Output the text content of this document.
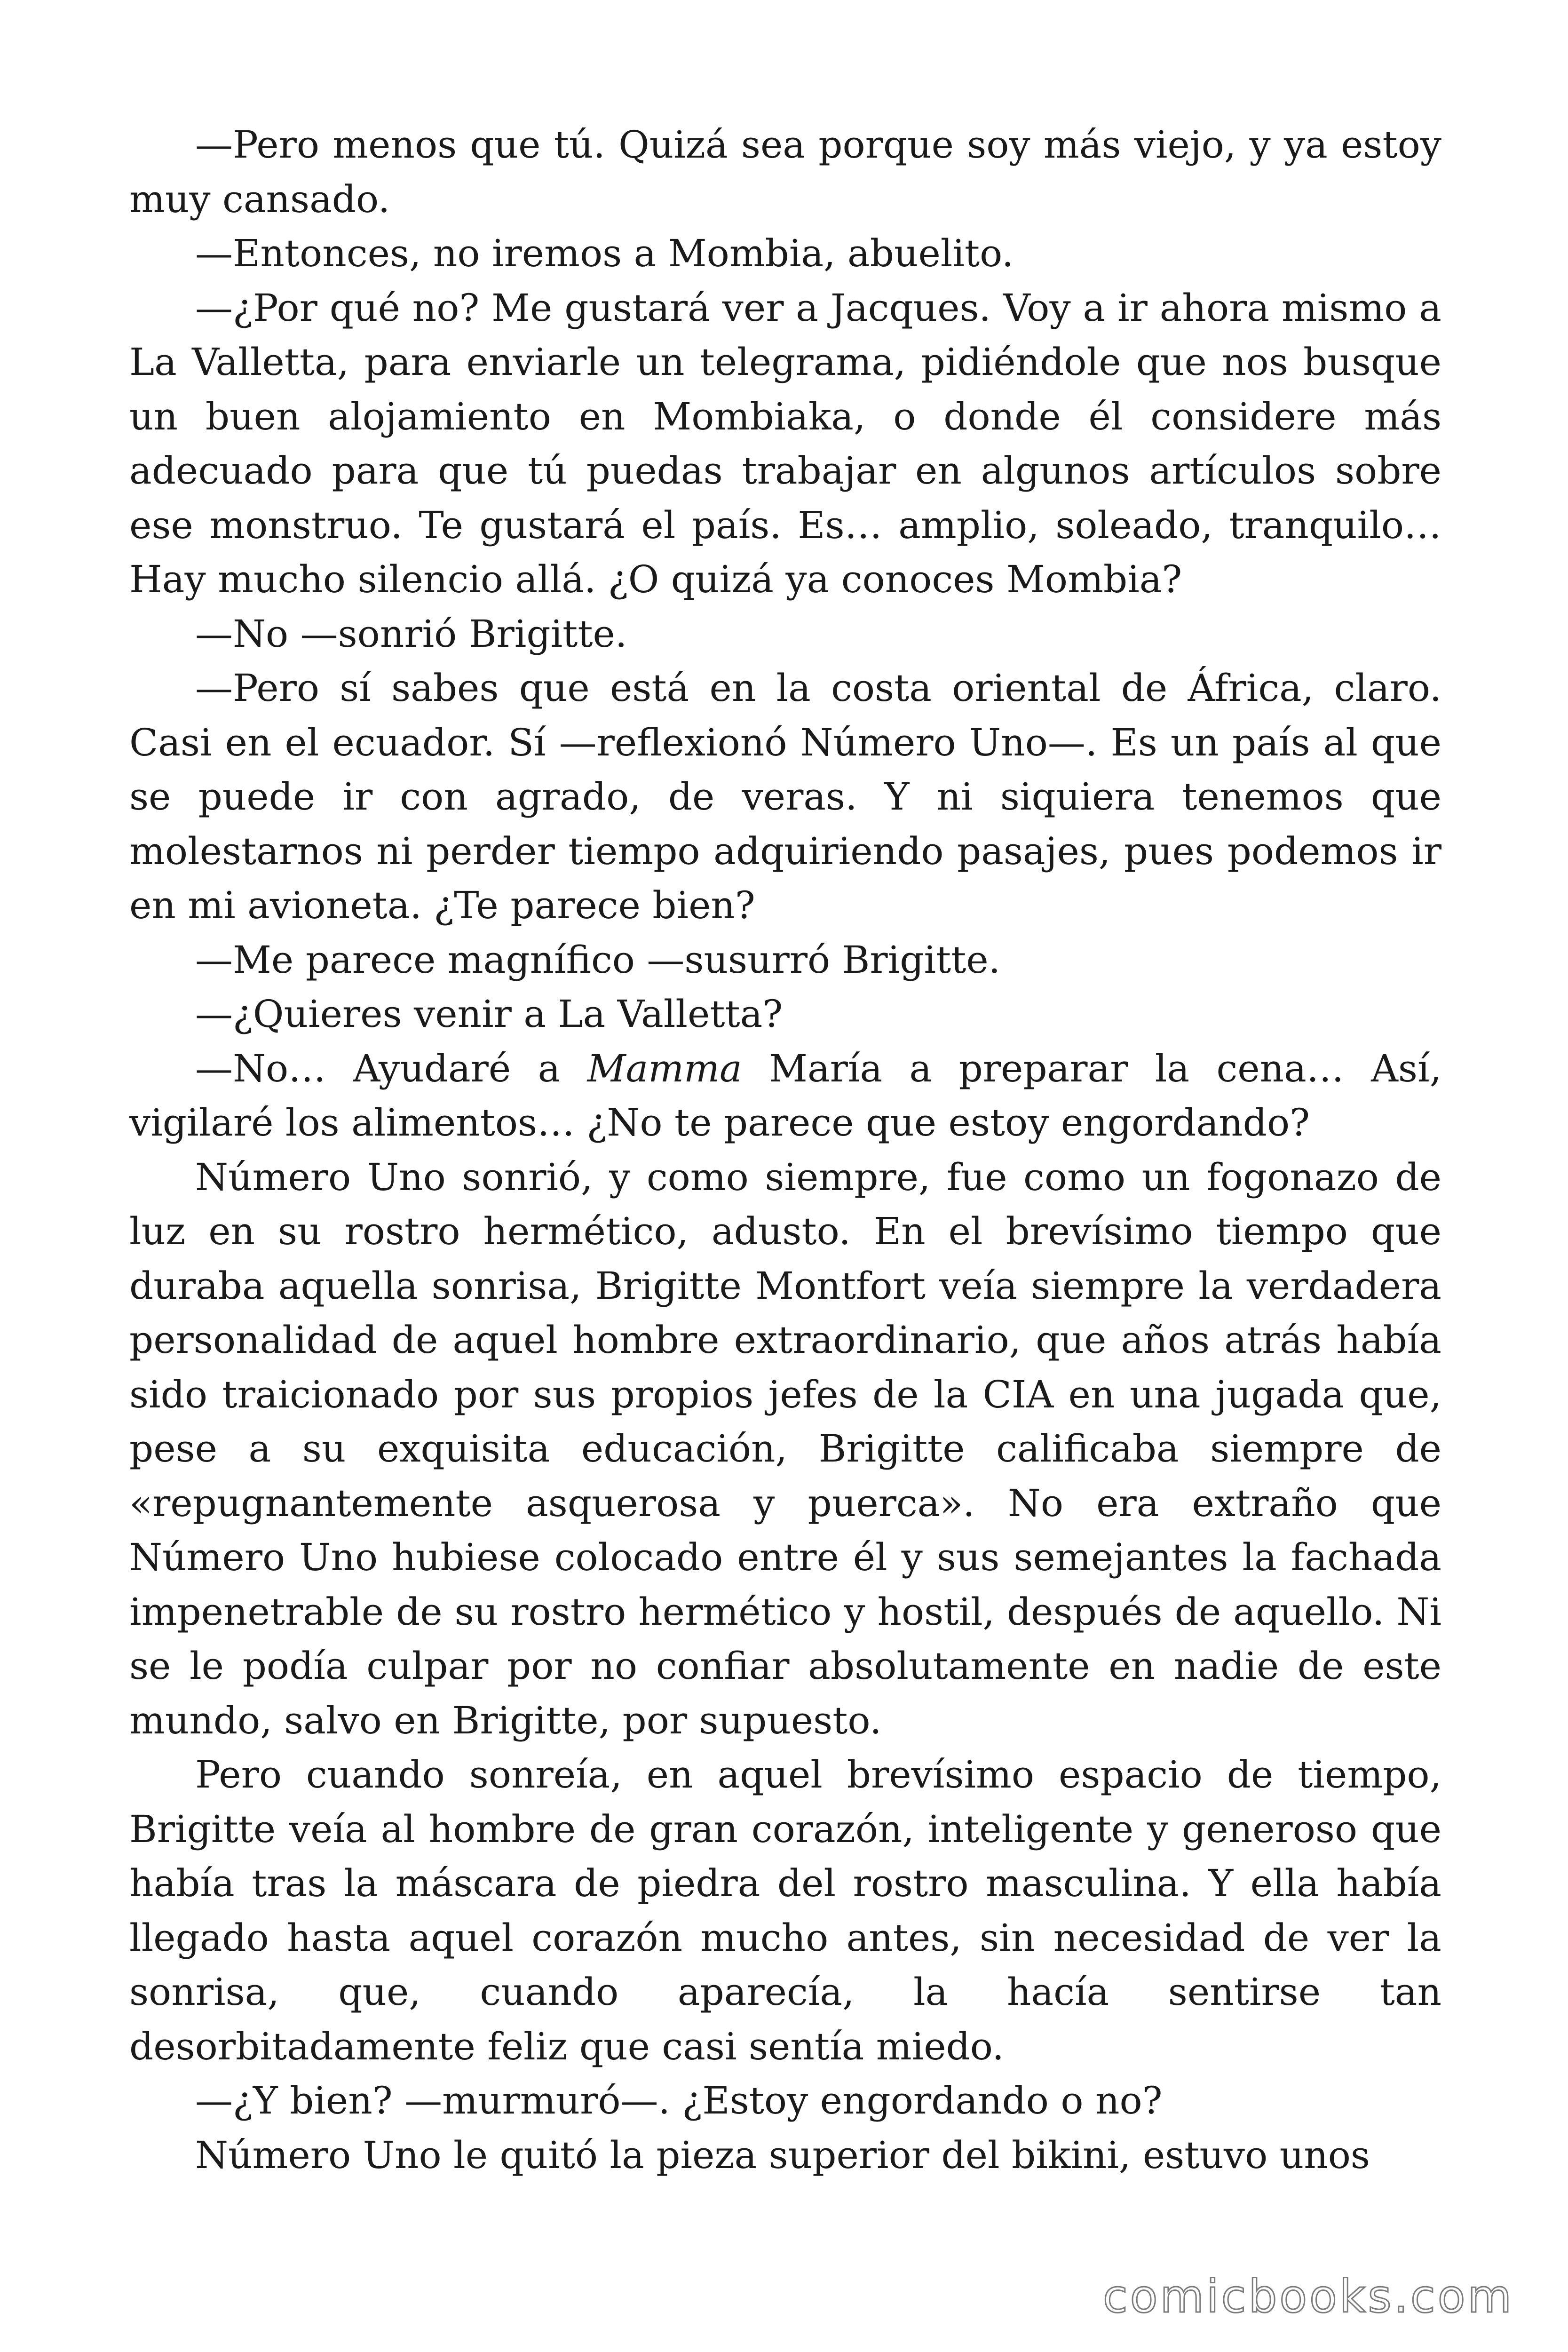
—Pero menos que tú. Quizá sea porque soy más viejo, y ya estoy muy cansado.

—Entonces, no iremos a Mombia, abuelito.

—¿Por qué no? Me gustará ver a Jacques. Voy a ir ahora mismo a La Valletta, para enviarle un telegrama, pidiéndole que nos busque un buen alojamiento en Mombiaka, o donde él considere más adecuado para que tú puedas trabajar en algunos artículos sobre ese monstruo. Te gustará el país. Es… amplio, soleado, tranquilo… Hay mucho silencio allá. ¿O quizá ya conoces Mombia?

—No —sonrió Brigitte.

—Pero sí sabes que está en la costa oriental de África, claro. Casi en el ecuador. Sí —reflexionó Número Uno—. Es un país al que se puede ir con agrado, de veras. Y ni siquiera tenemos que molestarnos ni perder tiempo adquiriendo pasajes, pues podemos ir en mi avioneta. ¿Te parece bien?

—Me parece magnífico —susurró Brigitte.

—¿Quieres venir a La Valletta?

—No… Ayudaré a Mamma María a preparar la cena… Así, vigilaré los alimentos… ¿No te parece que estoy engordando?

Número Uno sonrió, y como siempre, fue como un fogonazo de luz en su rostro hermético, adusto. En el brevísimo tiempo que duraba aquella sonrisa, Brigitte Montfort veía siempre la verdadera personalidad de aquel hombre extraordinario, que años atrás había sido traicionado por sus propios jefes de la CIA en una jugada que, pese a su exquisita educación, Brigitte calificaba siempre de «repugnantemente asquerosa y puerca». No era extraño que Número Uno hubiese colocado entre él y sus semejantes la fachada impenetrable de su rostro hermético y hostil, después de aquello. Ni se le podía culpar por no confiar absolutamente en nadie de este mundo, salvo en Brigitte, por supuesto.

Pero cuando sonreía, en aquel brevísimo espacio de tiempo, Brigitte veía al hombre de gran corazón, inteligente y generoso que había tras la máscara de piedra del rostro masculina. Y ella había llegado hasta aquel corazón mucho antes, sin necesidad de ver la sonrisa, que, cuando aparecía, la hacía sentirse tan desorbitadamente feliz que casi sentía miedo.

—¿Y bien? —murmuró—. ¿Estoy engordando o no?

Número Uno le quitó la pieza superior del bikini, estuvo unos

comicbooks.com
